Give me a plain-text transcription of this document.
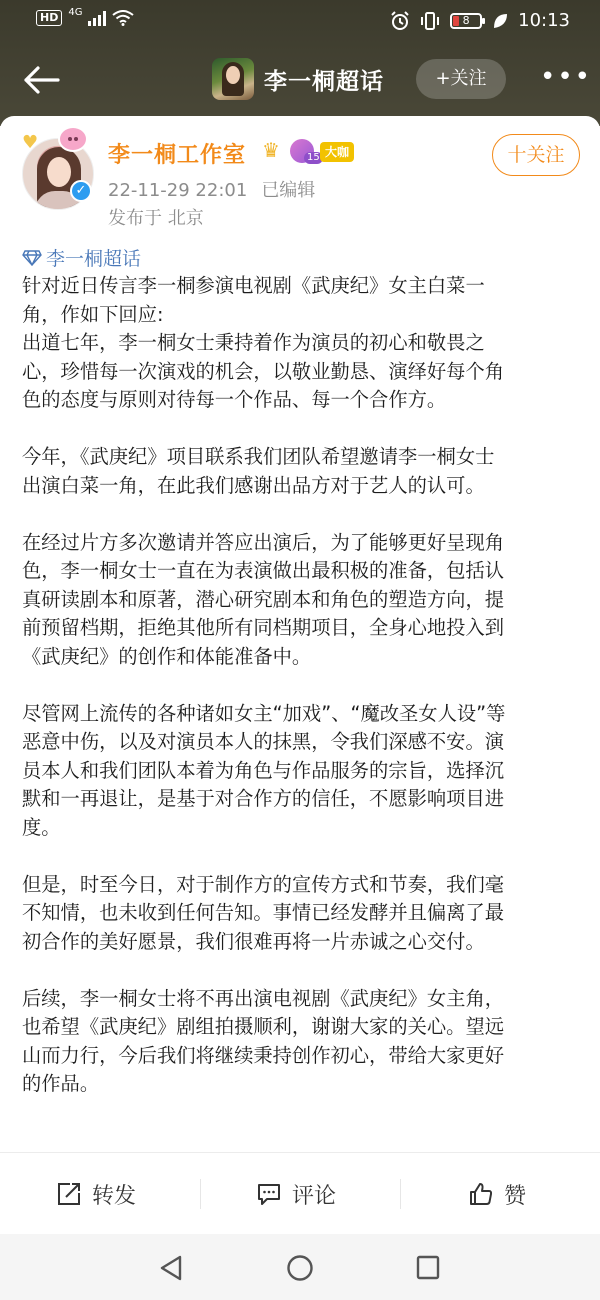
HD	4G
8	10:13
李一桐超话	+关注	•••
♥
✓
李一桐工作室 ♛	15 大咖
22-11-29 22:01 已编辑
发布于 北京
十关注
李一桐超话

针对近日传言李一桐参演电视剧《武庚纪》女主白菜一

角，作如下回应:

出道七年，李一桐女士秉持着作为演员的初心和敬畏之

心，珍惜每一次演戏的机会，以敬业勤恳、演绎好每个角

色的态度与原则对待每一个作品、每一个合作方。

今年，《武庚纪》项目联系我们团队希望邀请李一桐女士

出演白菜一角，在此我们感谢出品方对于艺人的认可。

在经过片方多次邀请并答应出演后，为了能够更好呈现角

色，李一桐女士一直在为表演做出最积极的准备，包括认

真研读剧本和原著，潜心研究剧本和角色的塑造方向，提

前预留档期，拒绝其他所有同档期项目，全身心地投入到

《武庚纪》的创作和体能准备中。

尽管网上流传的各种诸如女主“加戏”、“魔改圣女人设”等

恶意中伤，以及对演员本人的抹黑，令我们深感不安。演

员本人和我们团队本着为角色与作品服务的宗旨，选择沉

默和一再退让，是基于对合作方的信任，不愿影响项目进

度。

但是，时至今日，对于制作方的宣传方式和节奏，我们毫

不知情，也未收到任何告知。事情已经发酵并且偏离了最

初合作的美好愿景，我们很难再将一片赤诚之心交付。

后续，李一桐女士将不再出演电视剧《武庚纪》女主角，

也希望《武庚纪》剧组拍摄顺利，谢谢大家的关心。望远

山而力行，今后我们将继续秉持创作初心，带给大家更好

的作品。

转发	评论	赞
